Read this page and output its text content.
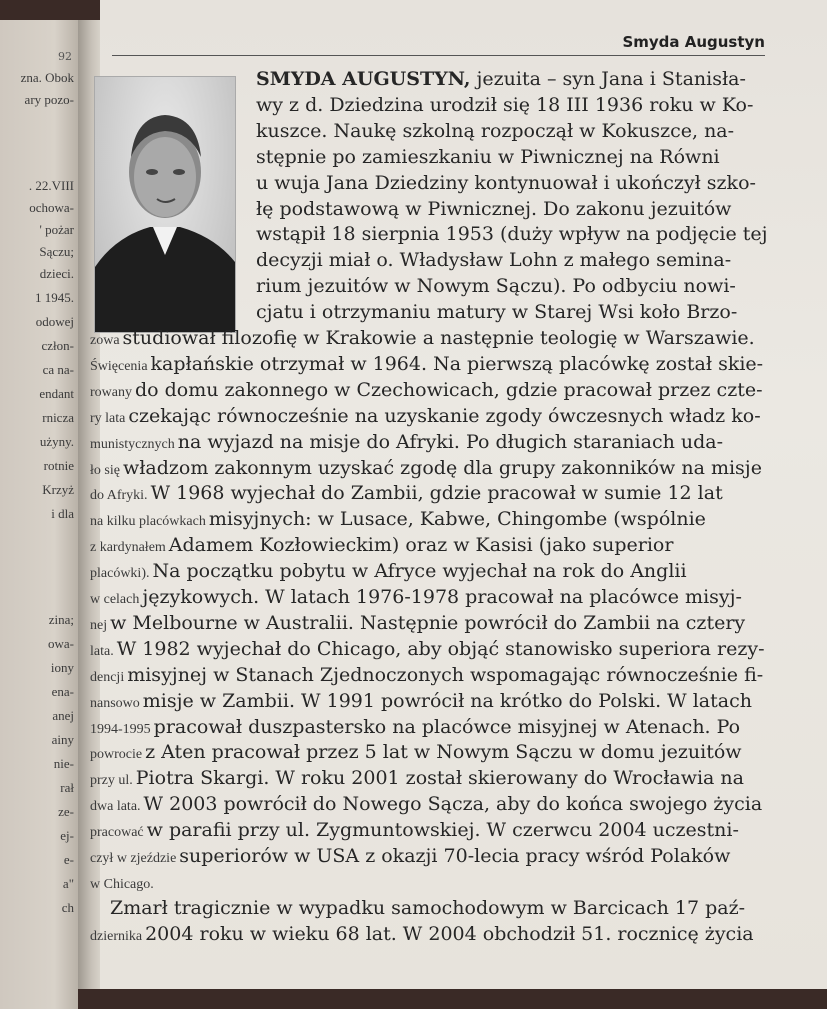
92
zna. Obok
ary pozo-
. 22.VIII
ochowa-
' pożar
Sączu;
dzieci.
1 1945.
odowej
człon-
ca na-
endant
rnicza
użyny.
rotnie
Krzyż
i dla
zina;
owa-
iony
ena-
anej
ainy
nie-
rał
ze-
ej-
e-
a"
ch
Smyda Augustyn

SMYDA AUGUSTYN, jezuita – syn Jana i Stanisła-

wy z d. Dziedzina urodził się 18 III 1936 roku w Ko-

kuszce. Naukę szkolną rozpoczął w Kokuszce, na-

stępnie po zamieszkaniu w Piwnicznej na Równi

u wuja Jana Dziedziny kontynuował i ukończył szko-

łę podstawową w Piwnicznej. Do zakonu jezuitów

wstąpił 18 sierpnia 1953 (duży wpływ na podjęcie tej

decyzji miał o. Władysław Lohn z małego semina-

rium jezuitów w Nowym Sączu). Po odbyciu nowi-

cjatu i otrzymaniu matury w Starej Wsi koło Brzo-

zowa studiował filozofię w Krakowie a następnie teologię w Warszawie.

Święcenia kapłańskie otrzymał w 1964. Na pierwszą placówkę został skie-

rowany do domu zakonnego w Czechowicach, gdzie pracował przez czte-

ry lata czekając równocześnie na uzyskanie zgody ówczesnych władz ko-

munistycznych na wyjazd na misje do Afryki. Po długich staraniach uda-

ło się władzom zakonnym uzyskać zgodę dla grupy zakonników na misje

do Afryki. W 1968 wyjechał do Zambii, gdzie pracował w sumie 12 lat

na kilku placówkach misyjnych: w Lusace, Kabwe, Chingombe (wspólnie

z kardynałem Adamem Kozłowieckim) oraz w Kasisi (jako superior

placówki). Na początku pobytu w Afryce wyjechał na rok do Anglii

w celach językowych. W latach 1976-1978 pracował na placówce misyj-

nej w Melbourne w Australii. Następnie powrócił do Zambii na cztery

lata. W 1982 wyjechał do Chicago, aby objąć stanowisko superiora rezy-

dencji misyjnej w Stanach Zjednoczonych wspomagając równocześnie fi-

nansowo misje w Zambii. W 1991 powrócił na krótko do Polski. W latach

1994-1995 pracował duszpastersko na placówce misyjnej w Atenach. Po

powrocie z Aten pracował przez 5 lat w Nowym Sączu w domu jezuitów

przy ul. Piotra Skargi. W roku 2001 został skierowany do Wrocławia na

dwa lata. W 2003 powrócił do Nowego Sącza, aby do końca swojego życia

pracować w parafii przy ul. Zygmuntowskiej. W czerwcu 2004 uczestni-

czył w zjeździe superiorów w USA z okazji 70-lecia pracy wśród Polaków

w Chicago.

Zmarł tragicznie w wypadku samochodowym w Barcicach 17 paź-

dziernika 2004 roku w wieku 68 lat. W 2004 obchodził 51. rocznicę życia
